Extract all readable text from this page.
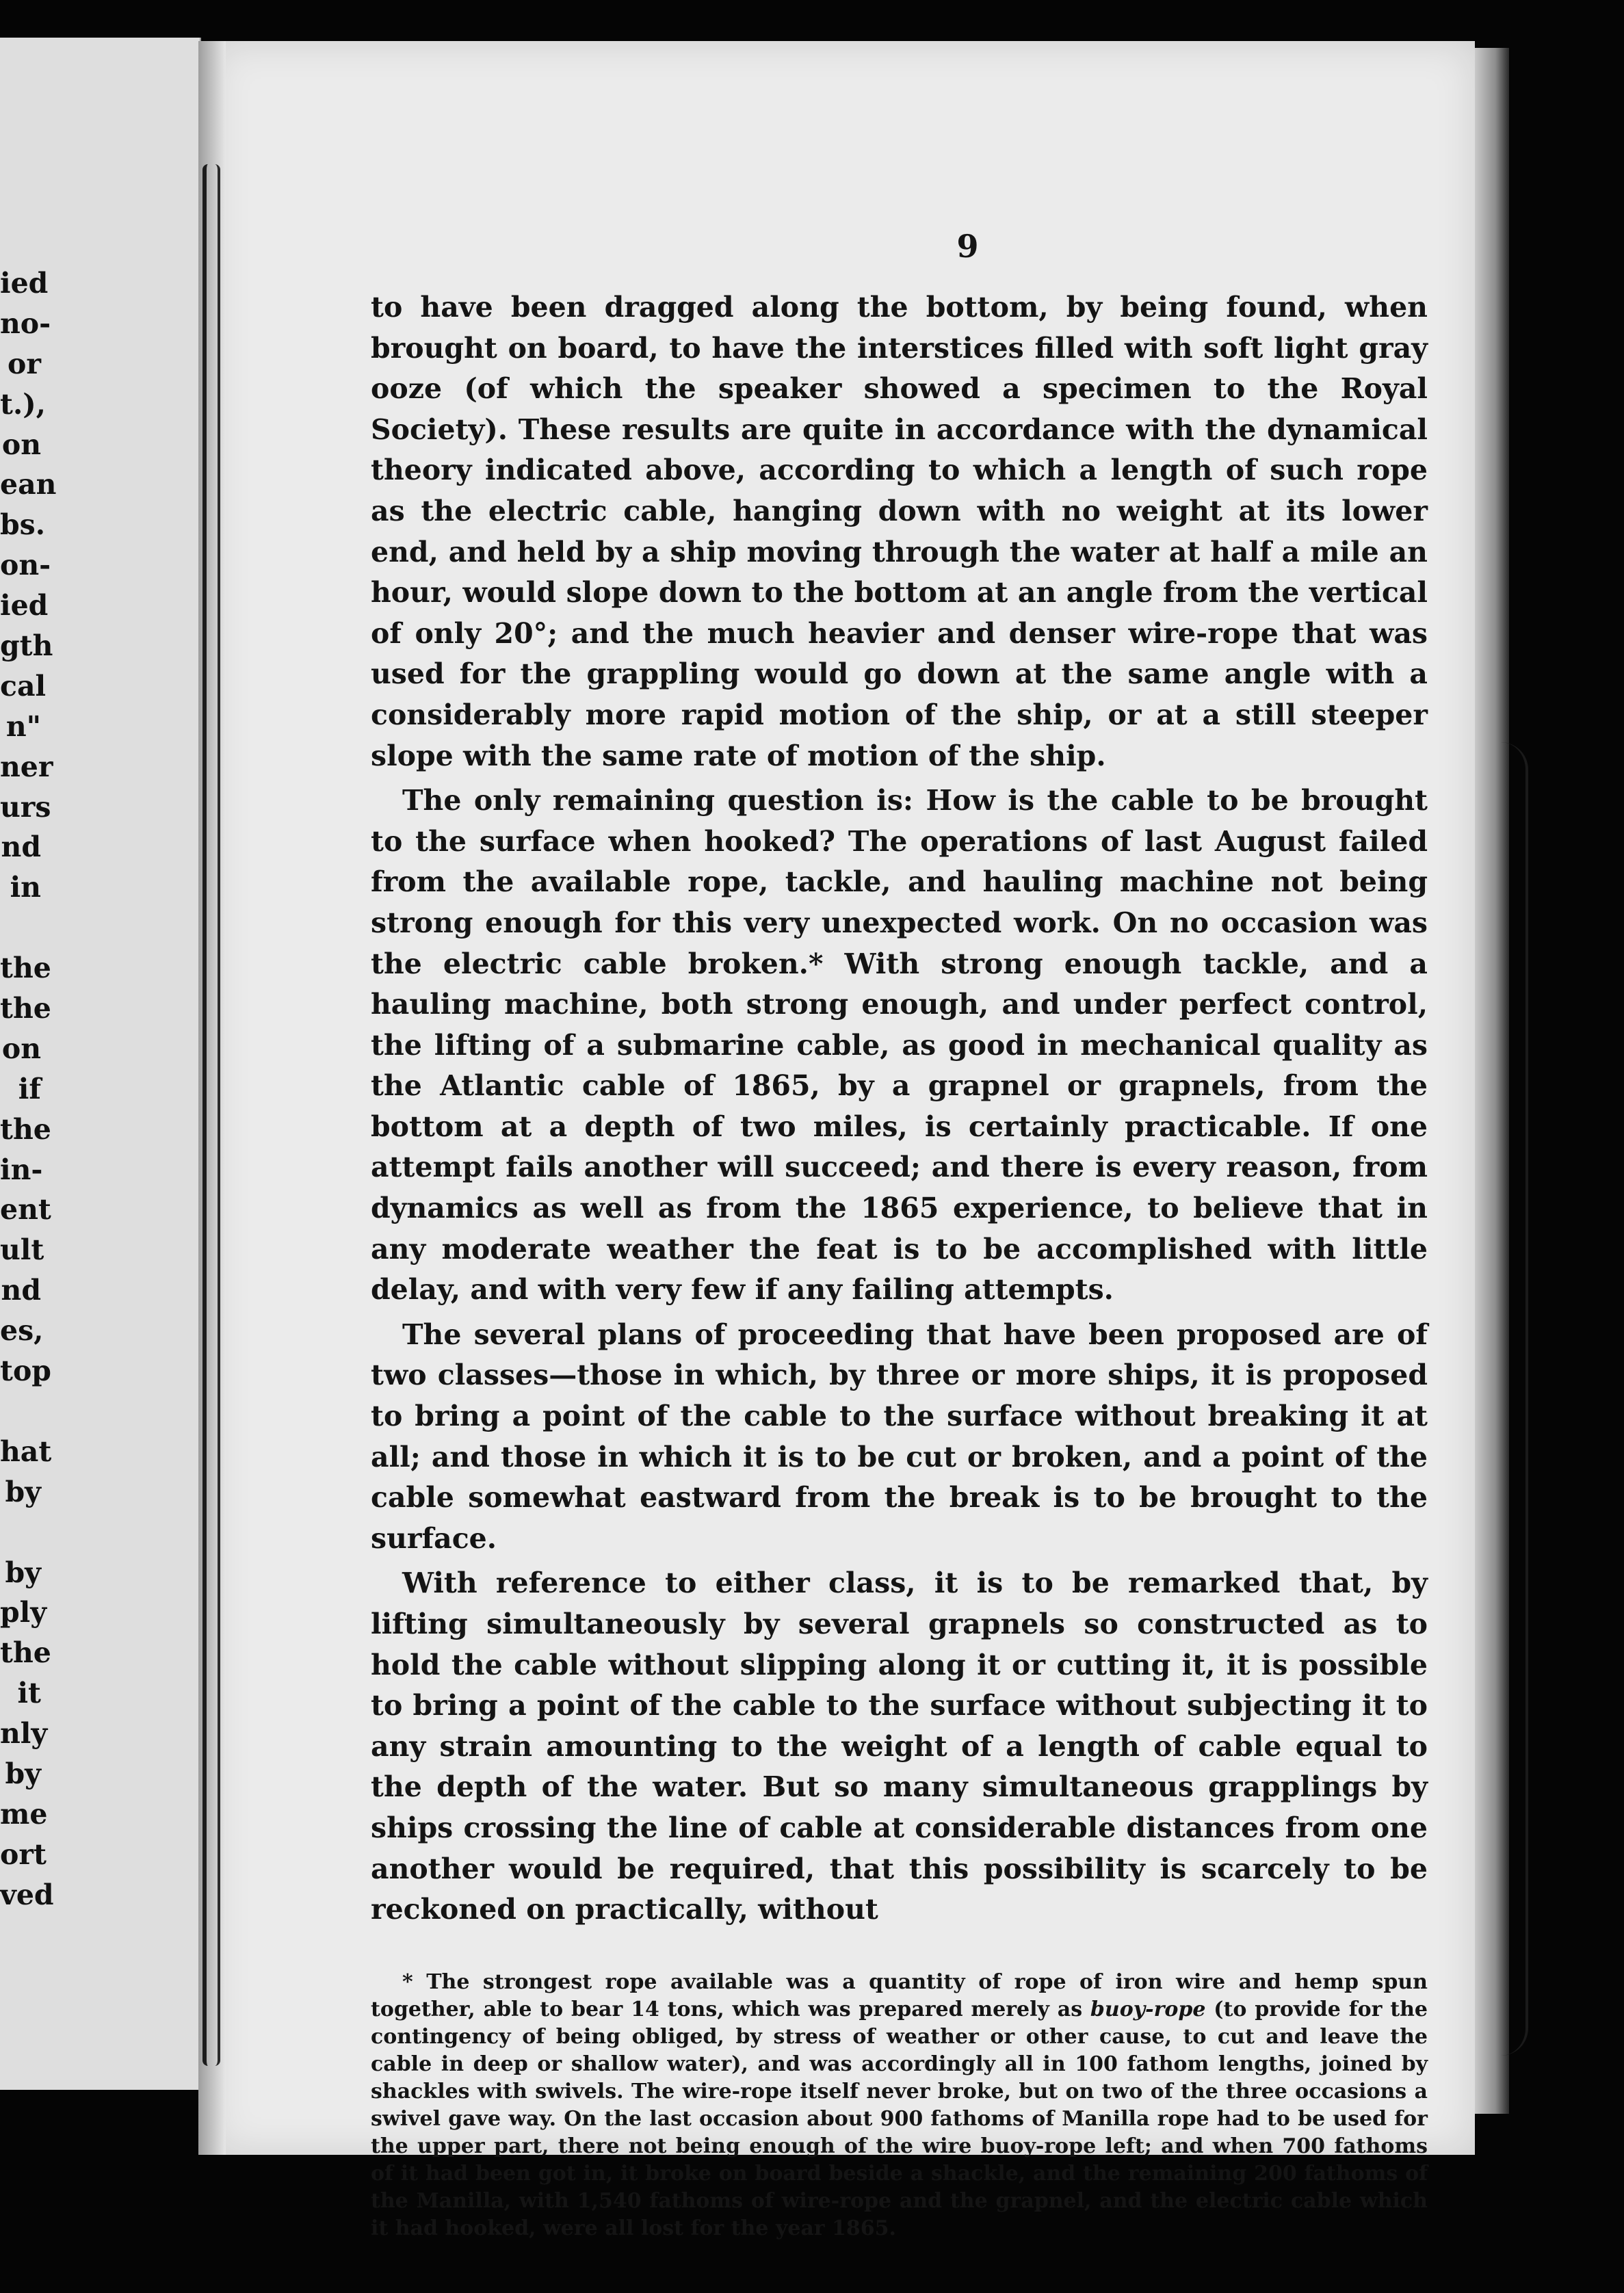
ied
no-
or
t.),
on
ean
bs.
on-
ied
gth
cal
n"
ner
urs
nd
in
the
the
on
if
the
in-
ent
ult
nd
es,
top
hat
by
by
ply
the
it
nly
by
me
ort
ved
9

to have been dragged along the bottom, by being found, when brought on board, to have the interstices filled with soft light gray ooze (of which the speaker showed a specimen to the Royal Society). These results are quite in accordance with the dynamical theory indicated above, according to which a length of such rope as the electric cable, hanging down with no weight at its lower end, and held by a ship moving through the water at half a mile an hour, would slope down to the bottom at an angle from the vertical of only 20°; and the much heavier and denser wire-rope that was used for the grappling would go down at the same angle with a considerably more rapid motion of the ship, or at a still steeper slope with the same rate of motion of the ship.

The only remaining question is: How is the cable to be brought to the surface when hooked? The operations of last August failed from the available rope, tackle, and hauling machine not being strong enough for this very unexpected work. On no occasion was the electric cable broken.* With strong enough tackle, and a hauling machine, both strong enough, and under perfect control, the lifting of a submarine cable, as good in mechanical quality as the Atlantic cable of 1865, by a grapnel or grapnels, from the bottom at a depth of two miles, is certainly practicable. If one attempt fails another will succeed; and there is every reason, from dynamics as well as from the 1865 experience, to believe that in any moderate weather the feat is to be accomplished with little delay, and with very few if any failing attempts.

The several plans of proceeding that have been proposed are of two classes—those in which, by three or more ships, it is proposed to bring a point of the cable to the surface without breaking it at all; and those in which it is to be cut or broken, and a point of the cable somewhat eastward from the break is to be brought to the surface.

With reference to either class, it is to be remarked that, by lifting simultaneously by several grapnels so constructed as to hold the cable without slipping along it or cutting it, it is possible to bring a point of the cable to the surface without subjecting it to any strain amounting to the weight of a length of cable equal to the depth of the water. But so many simultaneous grapplings by ships crossing the line of cable at considerable distances from one another would be required, that this possibility is scarcely to be reckoned on practically, without

* The strongest rope available was a quantity of rope of iron wire and hemp spun together, able to bear 14 tons, which was prepared merely as buoy-rope (to provide for the contingency of being obliged, by stress of weather or other cause, to cut and leave the cable in deep or shallow water), and was accordingly all in 100 fathom lengths, joined by shackles with swivels. The wire-rope itself never broke, but on two of the three occasions a swivel gave way. On the last occasion about 900 fathoms of Manilla rope had to be used for the upper part, there not being enough of the wire buoy-rope left; and when 700 fathoms of it had been got in, it broke on board beside a shackle, and the remaining 200 fathoms of the Manilla, with 1,540 fathoms of wire-rope and the grapnel, and the electric cable which it had hooked, were all lost for the year 1865.
